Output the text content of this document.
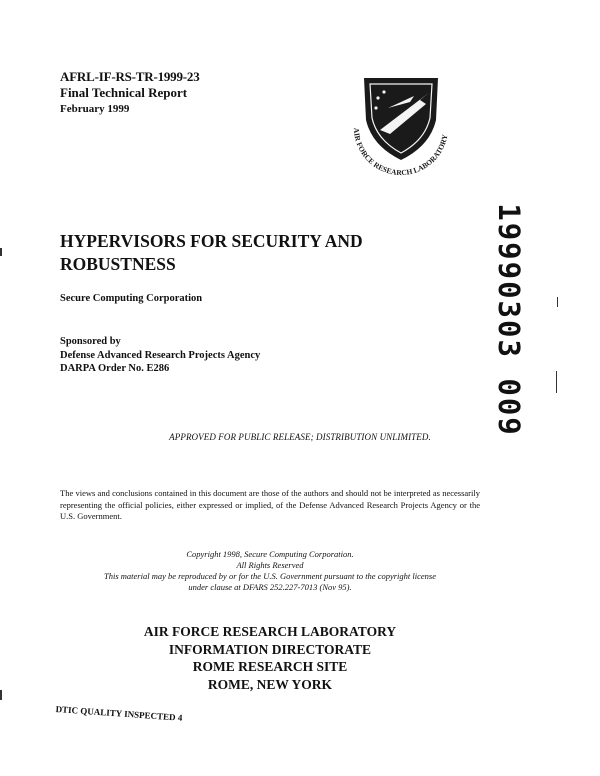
AFRL-IF-RS-TR-1999-23
Final Technical Report
February 1999
AIR FORCE RESEARCH LABORATORY
HYPERVISORS FOR SECURITY AND ROBUSTNESS
Secure Computing Corporation
Sponsored by
Defense Advanced Research Projects Agency
DARPA Order No. E286	19990303 009
APPROVED FOR PUBLIC RELEASE; DISTRIBUTION UNLIMITED.
The views and conclusions contained in this document are those of the authors and should not be interpreted as necessarily representing the official policies, either expressed or implied, of the Defense Advanced Research Projects Agency or the U.S. Government.
Copyright 1998, Secure Computing Corporation.
All Rights Reserved
This material may be reproduced by or for the U.S. Government pursuant to the copyright license
under clause at DFARS 252.227-7013 (Nov 95).
AIR FORCE RESEARCH LABORATORY
INFORMATION DIRECTORATE
ROME RESEARCH SITE
ROME, NEW YORK
DTIC QUALITY INSPECTED 4
